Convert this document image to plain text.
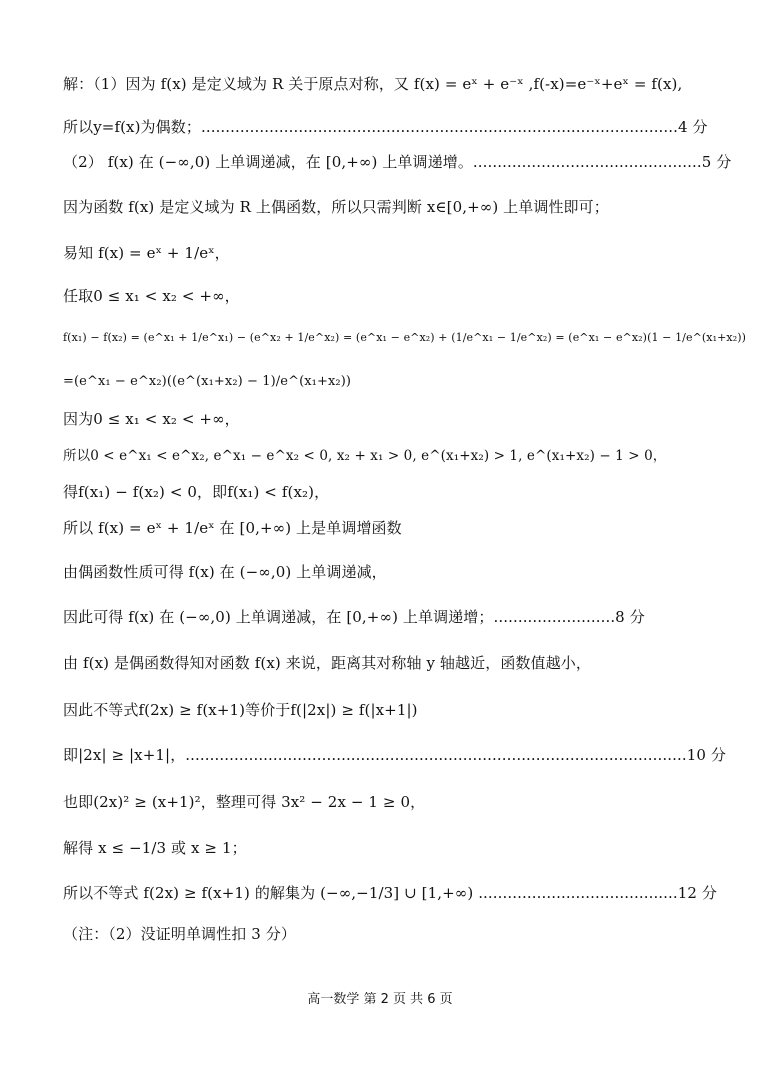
解：（1）因为 f(x) 是定义域为 R 关于原点对称，又 f(x) = eˣ + e⁻ˣ ,f(-x)=e⁻ˣ+eˣ = f(x),
所以y=f(x)为偶数；..................................................................................................4 分
（2） f(x) 在 (−∞,0) 上单调递减，在 [0,+∞) 上单调递增。...............................................5 分
因为函数 f(x) 是定义域为 R 上偶函数，所以只需判断 x∈[0,+∞) 上单调性即可；
易知 f(x) = eˣ + 1/eˣ，
任取0 ≤ x₁ < x₂ < +∞，
f(x₁) − f(x₂) = (e^x₁ + 1/e^x₁) − (e^x₂ + 1/e^x₂) = (e^x₁ − e^x₂) + (1/e^x₁ − 1/e^x₂) = (e^x₁ − e^x₂)(1 − 1/e^(x₁+x₂))
=(e^x₁ − e^x₂)((e^(x₁+x₂) − 1)/e^(x₁+x₂))
因为0 ≤ x₁ < x₂ < +∞，
所以0 < e^x₁ < e^x₂, e^x₁ − e^x₂ < 0, x₂ + x₁ > 0, e^(x₁+x₂) > 1, e^(x₁+x₂) − 1 > 0，
得f(x₁) − f(x₂) < 0，即f(x₁) < f(x₂)，
所以 f(x) = eˣ + 1/eˣ 在 [0,+∞) 上是单调增函数
由偶函数性质可得 f(x) 在 (−∞,0) 上单调递减，
因此可得 f(x) 在 (−∞,0) 上单调递减，在 [0,+∞) 上单调递增；.........................8 分
由 f(x) 是偶函数得知对函数 f(x) 来说，距离其对称轴 y 轴越近，函数值越小，
因此不等式f(2x) ≥ f(x+1)等价于f(|2x|) ≥ f(|x+1|)
即|2x| ≥ |x+1|，.......................................................................................................10 分
也即(2x)² ≥ (x+1)²，整理可得 3x² − 2x − 1 ≥ 0，
解得 x ≤ −1/3 或 x ≥ 1；
所以不等式 f(2x) ≥ f(x+1) 的解集为 (−∞,−1/3] ∪ [1,+∞) .........................................12 分
（注：（2）没证明单调性扣 3 分）
高一数学 第 2 页 共 6 页
